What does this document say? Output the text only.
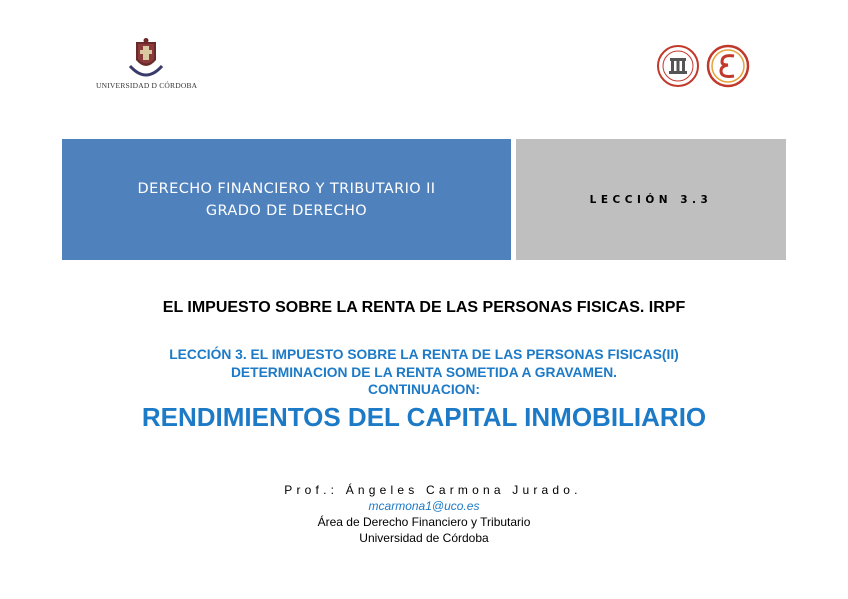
UNIVERSIDAD D CÓRDOBA
DERECHO FINANCIERO Y TRIBUTARIO II
GRADO DE DERECHO
LECCIÓN 3.3
EL IMPUESTO SOBRE LA RENTA DE LAS PERSONAS FISICAS. IRPF
LECCIÓN 3. EL IMPUESTO SOBRE LA RENTA DE LAS PERSONAS FISICAS(II)
DETERMINACION DE LA RENTA SOMETIDA A GRAVAMEN.
CONTINUACION:
RENDIMIENTOS DEL CAPITAL INMOBILIARIO
Prof.: Ángeles Carmona Jurado.
mcarmona1@uco.es
Área de Derecho Financiero y Tributario
Universidad de Córdoba
